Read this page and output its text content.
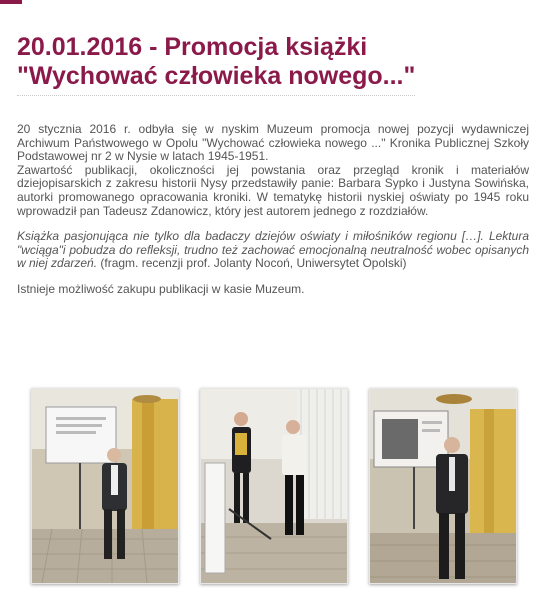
20.01.2016 - Promocja książki
"Wychować człowieka nowego..."

20 stycznia 2016 r. odbyła się w nyskim Muzeum promocja nowej pozycji wydawniczej Archiwum Państwowego w Opolu "Wychować człowieka nowego ..." Kronika Publicznej Szkoły Podstawowej nr 2 w Nysie w latach 1945-1951.

Zawartość publikacji, okoliczności jej powstania oraz przegląd kronik i materiałów dziejopisarskich z zakresu historii Nysy przedstawiły panie: Barbara Sypko i Justyna Sowińska, autorki promowanego opracowania kroniki. W tematykę historii nyskiej oświaty po 1945 roku wprowadził pan Tadeusz Zdanowicz, który jest autorem jednego z rozdziałów.

Książka pasjonująca nie tylko dla badaczy dziejów oświaty i miłośników regionu […]. Lektura "wciąga"i pobudza do refleksji, trudno też zachować emocjonalną neutralność wobec opisanych w niej zdarzeń. (fragm. recenzji prof. Jolanty Nocoń, Uniwersytet Opolski)

Istnieje możliwość zakupu publikacji w kasie Muzeum.
